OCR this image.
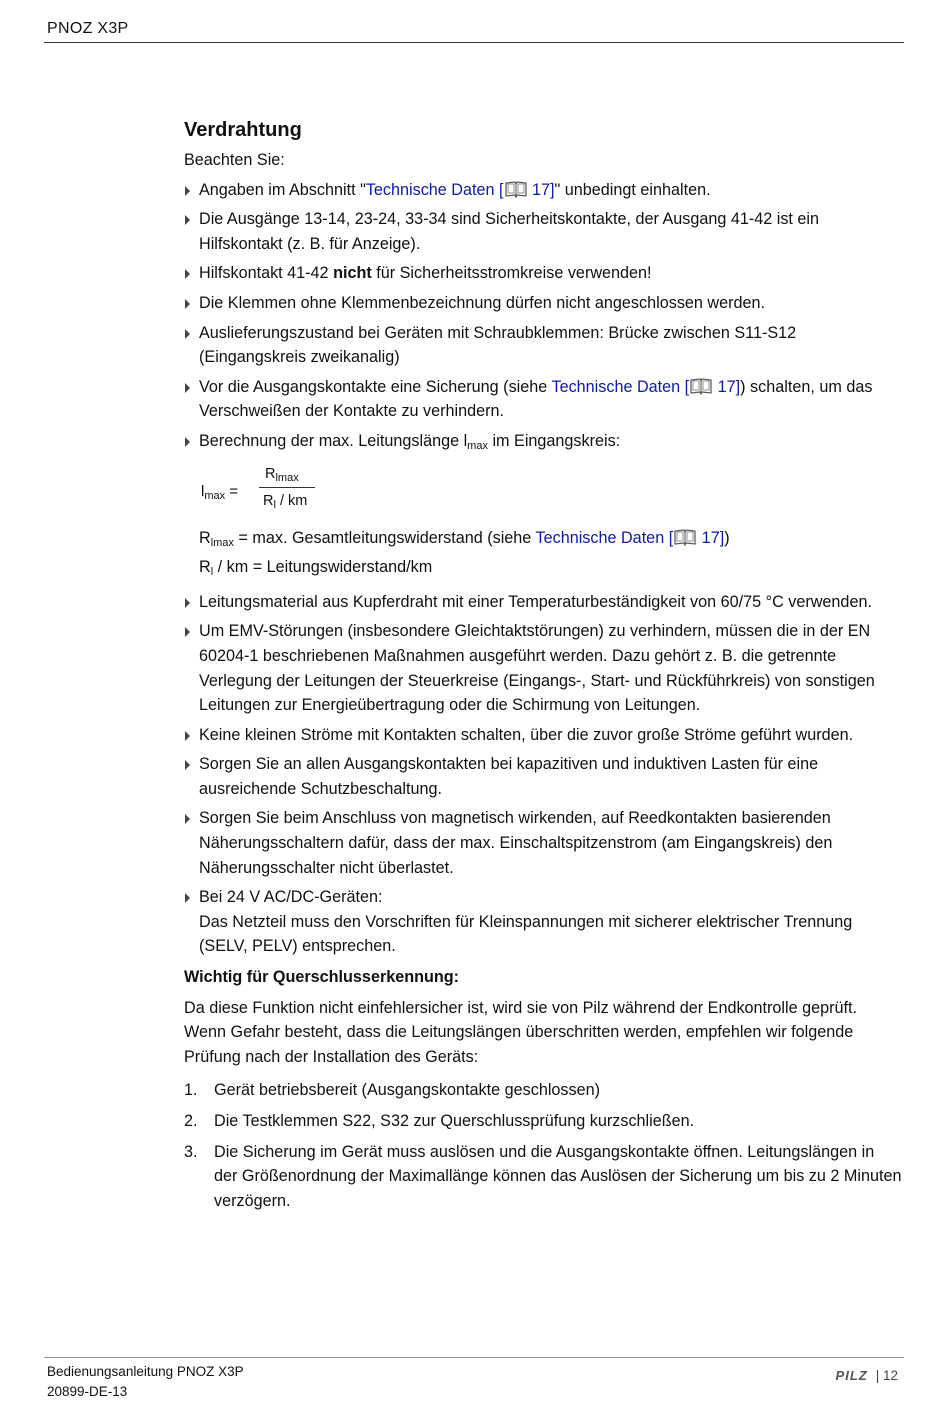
PNOZ X3P
Verdrahtung
Beachten Sie:
Angaben im Abschnitt "Technische Daten [ 17]" unbedingt einhalten.
Die Ausgänge 13-14, 23-24, 33-34 sind Sicherheitskontakte, der Ausgang 41-42 ist ein Hilfskontakt (z. B. für Anzeige).
Hilfskontakt 41-42 nicht für Sicherheitsstromkreise verwenden!
Die Klemmen ohne Klemmenbezeichnung dürfen nicht angeschlossen werden.
Auslieferungszustand bei Geräten mit Schraubklemmen: Brücke zwischen S11-S12 (Eingangskreis zweikanalig)
Vor die Ausgangskontakte eine Sicherung (siehe Technische Daten [ 17]) schalten, um das Verschweißen der Kontakte zu verhindern.
Berechnung der max. Leitungslänge $l_{max}$ im Eingangskreis:
$l_{max}$ =
$R_{lmax}$
$R_l$ / km
$R_{lmax} = \max$. Gesamtleitungswiderstand (siehe Technische Daten [ 17])
$R_l$ / km = Leitungswiderstand/km
Leitungsmaterial aus Kupferdraht mit einer Temperaturbeständigkeit von 60/75 °C verwenden.
Um EMV-Störungen (insbesondere Gleichtaktstörungen) zu verhindern, müssen die in der EN 60204-1 beschriebenen Maßnahmen ausgeführt werden. Dazu gehört z. B. die getrennte Verlegung der Leitungen der Steuerkreise (Eingangs-, Start- und Rückführkreis) von sonstigen Leitungen zur Energieübertragung oder die Schirmung von Leitungen.
Keine kleinen Ströme mit Kontakten schalten, über die zuvor große Ströme geführt wurden.
Sorgen Sie an allen Ausgangskontakten bei kapazitiven und induktiven Lasten für eine ausreichende Schutzbeschaltung.
Sorgen Sie beim Anschluss von magnetisch wirkenden, auf Reedkontakten basierenden Näherungsschaltern dafür, dass der max. Einschaltspitzenstrom (am Eingangskreis) den Näherungsschalter nicht überlastet.
Bei 24 V AC/DC-Geräten:
Das Netzteil muss den Vorschriften für Kleinspannungen mit sicherer elektrischer Trennung (SELV, PELV) entsprechen.
Wichtig für Querschlusserkennung:
Da diese Funktion nicht einfehlersicher ist, wird sie von Pilz während der Endkontrolle geprüft. Wenn Gefahr besteht, dass die Leitungslängen überschritten werden, empfehlen wir folgende Prüfung nach der Installation des Geräts:
1. Gerät betriebsbereit (Ausgangskontakte geschlossen)
2. Die Testklemmen S22, S32 zur Querschlussprüfung kurzschließen.
3. Die Sicherung im Gerät muss auslösen und die Ausgangskontakte öffnen. Leitungslängen in der Größenordnung der Maximallänge können das Auslösen der Sicherung um bis zu 2 Minuten verzögern.
Bedienungsanleitung PNOZ X3P
20899-DE-13
PILZ | 12
